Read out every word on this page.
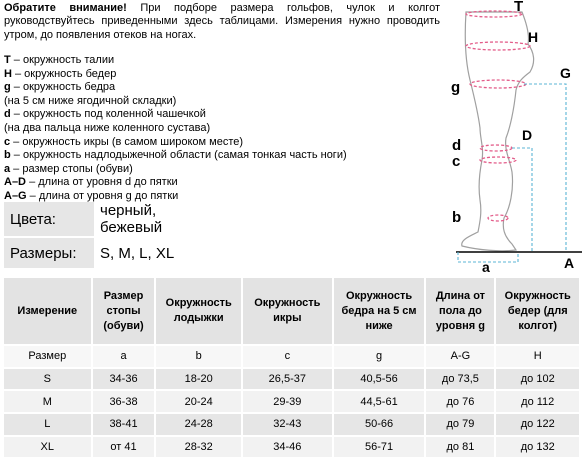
Обратите внимание! При подборе размера гольфов, чулок и колгот руководствуйтесь приведенными здесь таблицами. Измерения нужно проводить утром, до появления отеков на ногах.
T – окружность талии
H – окружность бедер
g – окружность бедра
(на 5 см ниже ягодичной складки)
d – окружность под коленной чашечкой
(на два пальца ниже коленного сустава)
c – окружность икры (в самом широком месте)
b – окружность надлодыжечной области (самая тонкая часть ноги)
a – размер стопы (обуви)
A–D – длина от уровня d до пятки
A–G – длина от уровня g до пятки
Цвета:	черный, бежевый
Размеры:	S, M, L, XL
T
H
G
g
D
d
c
b
A
a
Измерение	Размер стопы (обуви)	Окружность лодыжки	Окружность икры	Окружность бедра на 5 см ниже	Длина от пола до уровня g	Окружность бедер (для колгот)
Размер	a	b	c	g	A-G	H
S	34-36	18-20	26,5-37	40,5-56	до 73,5	до 102
M	36-38	20-24	29-39	44,5-61	до 76	до 112
L	38-41	24-28	32-43	50-66	до 79	до 122
XL	от 41	28-32	34-46	56-71	до 81	до 132
